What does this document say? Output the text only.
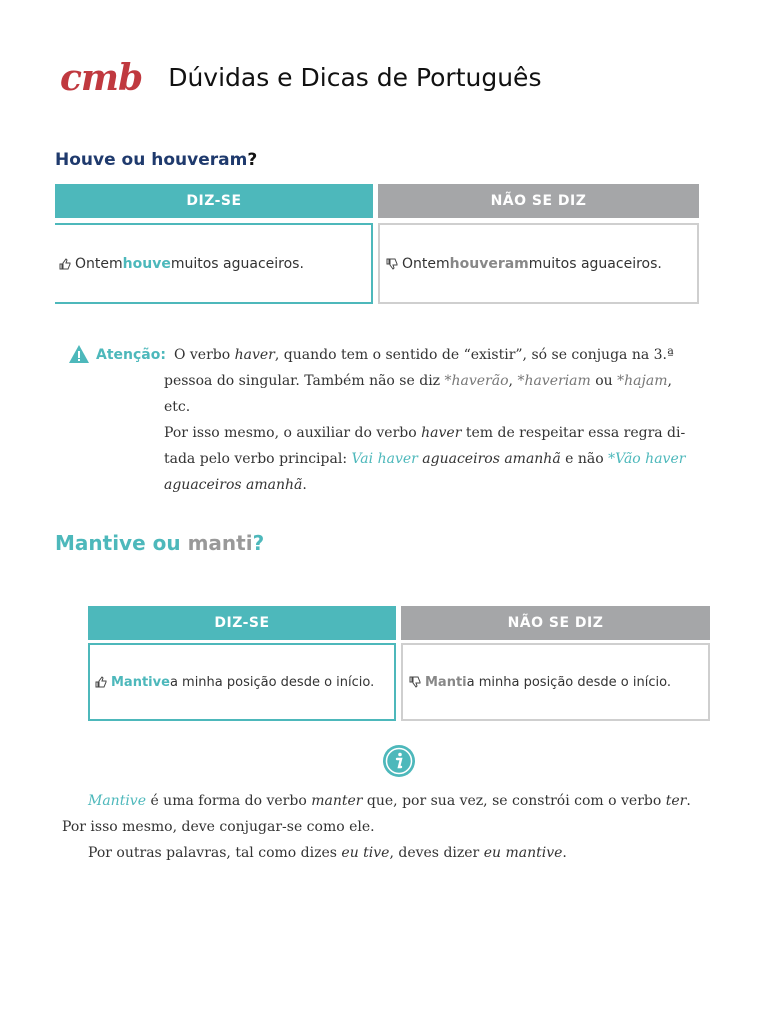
cmb Dúvidas e Dicas de Português
Houve ou houveram?
DIZ-SE	NÃO SE DIZ
Ontem houve muitos aguaceiros.	Ontem houveram muitos aguaceiros.
Atenção: O verbo haver, quando tem o sentido de “existir”, só se conjuga na 3.ª
pessoa do singular. Também não se diz *haverão, *haveriam ou *hajam,
etc.
Por isso mesmo, o auxiliar do verbo haver tem de respeitar essa regra di-
tada pelo verbo principal: Vai haver aguaceiros amanhã e não *Vão haver
aguaceiros amanhã.
Mantive ou manti?
DIZ-SE	NÃO SE DIZ
Mantive a minha posição desde o início.	Manti a minha posição desde o início.
Mantive é uma forma do verbo manter que, por sua vez, se constrói com o verbo ter.
Por isso mesmo, deve conjugar-se como ele.
Por outras palavras, tal como dizes eu tive, deves dizer eu mantive.
